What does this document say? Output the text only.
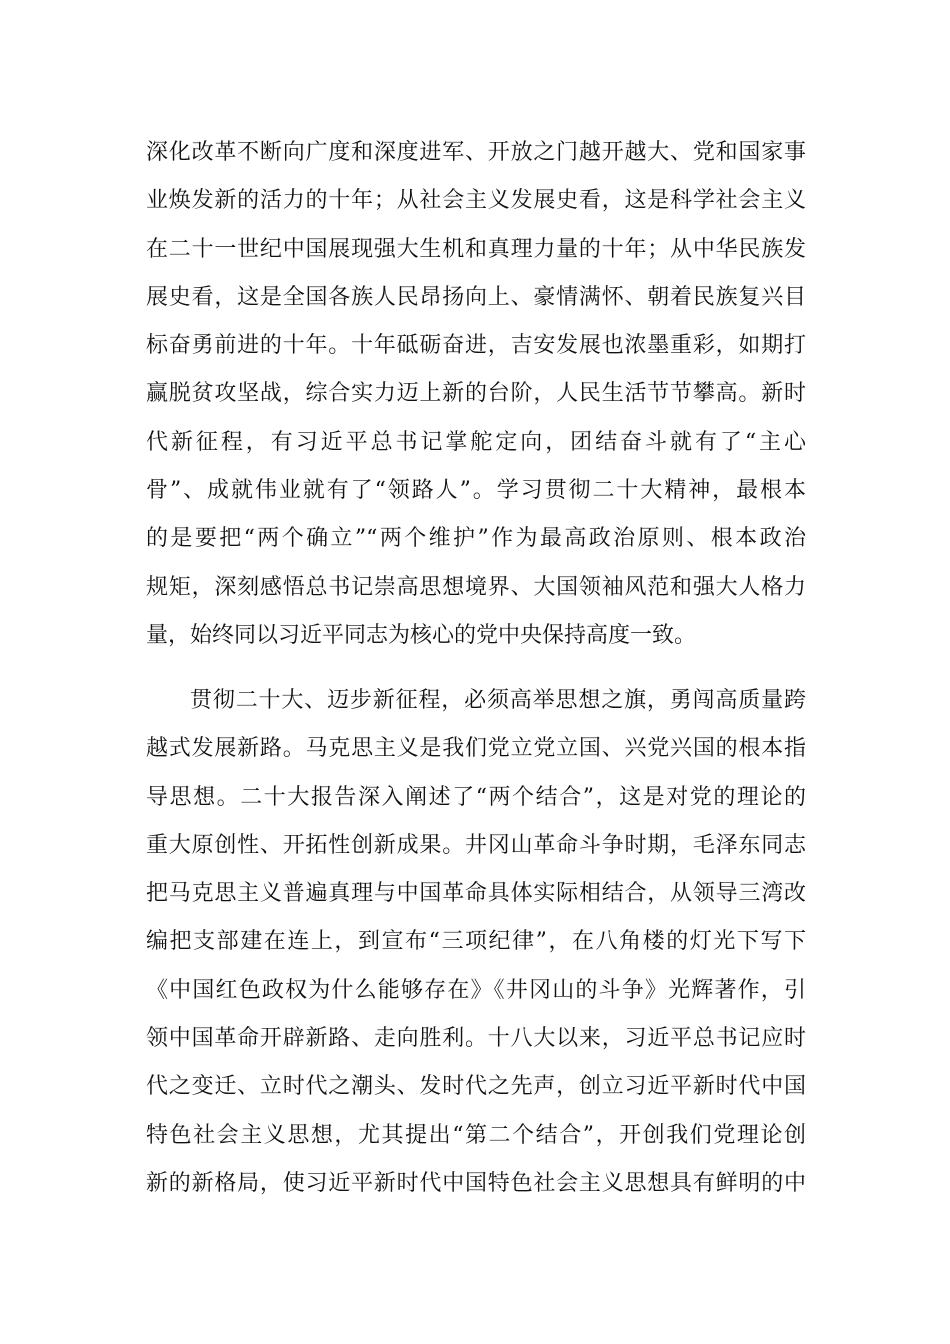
深化改革不断向广度和深度进军、开放之门越开越大、党和国家事
业焕发新的活力的十年；从社会主义发展史看，这是科学社会主义
在二十一世纪中国展现强大生机和真理力量的十年；从中华民族发
展史看，这是全国各族人民昂扬向上、豪情满怀、朝着民族复兴目
标奋勇前进的十年。十年砥砺奋进，吉安发展也浓墨重彩，如期打
赢脱贫攻坚战，综合实力迈上新的台阶，人民生活节节攀高。新时
代新征程，有习近平总书记掌舵定向，团结奋斗就有了“主心
骨”、成就伟业就有了“领路人”。学习贯彻二十大精神，最根本
的是要把“两个确立”“两个维护”作为最高政治原则、根本政治
规矩，深刻感悟总书记崇高思想境界、大国领袖风范和强大人格力
量，始终同以习近平同志为核心的党中央保持高度一致。
贯彻二十大、迈步新征程，必须高举思想之旗，勇闯高质量跨
越式发展新路。马克思主义是我们党立党立国、兴党兴国的根本指
导思想。二十大报告深入阐述了“两个结合”，这是对党的理论的
重大原创性、开拓性创新成果。井冈山革命斗争时期，毛泽东同志
把马克思主义普遍真理与中国革命具体实际相结合，从领导三湾改
编把支部建在连上，到宣布“三项纪律”，在八角楼的灯光下写下
《中国红色政权为什么能够存在》《井冈山的斗争》光辉著作，引
领中国革命开辟新路、走向胜利。十八大以来，习近平总书记应时
代之变迁、立时代之潮头、发时代之先声，创立习近平新时代中国
特色社会主义思想，尤其提出“第二个结合”，开创我们党理论创
新的新格局，使习近平新时代中国特色社会主义思想具有鲜明的中
